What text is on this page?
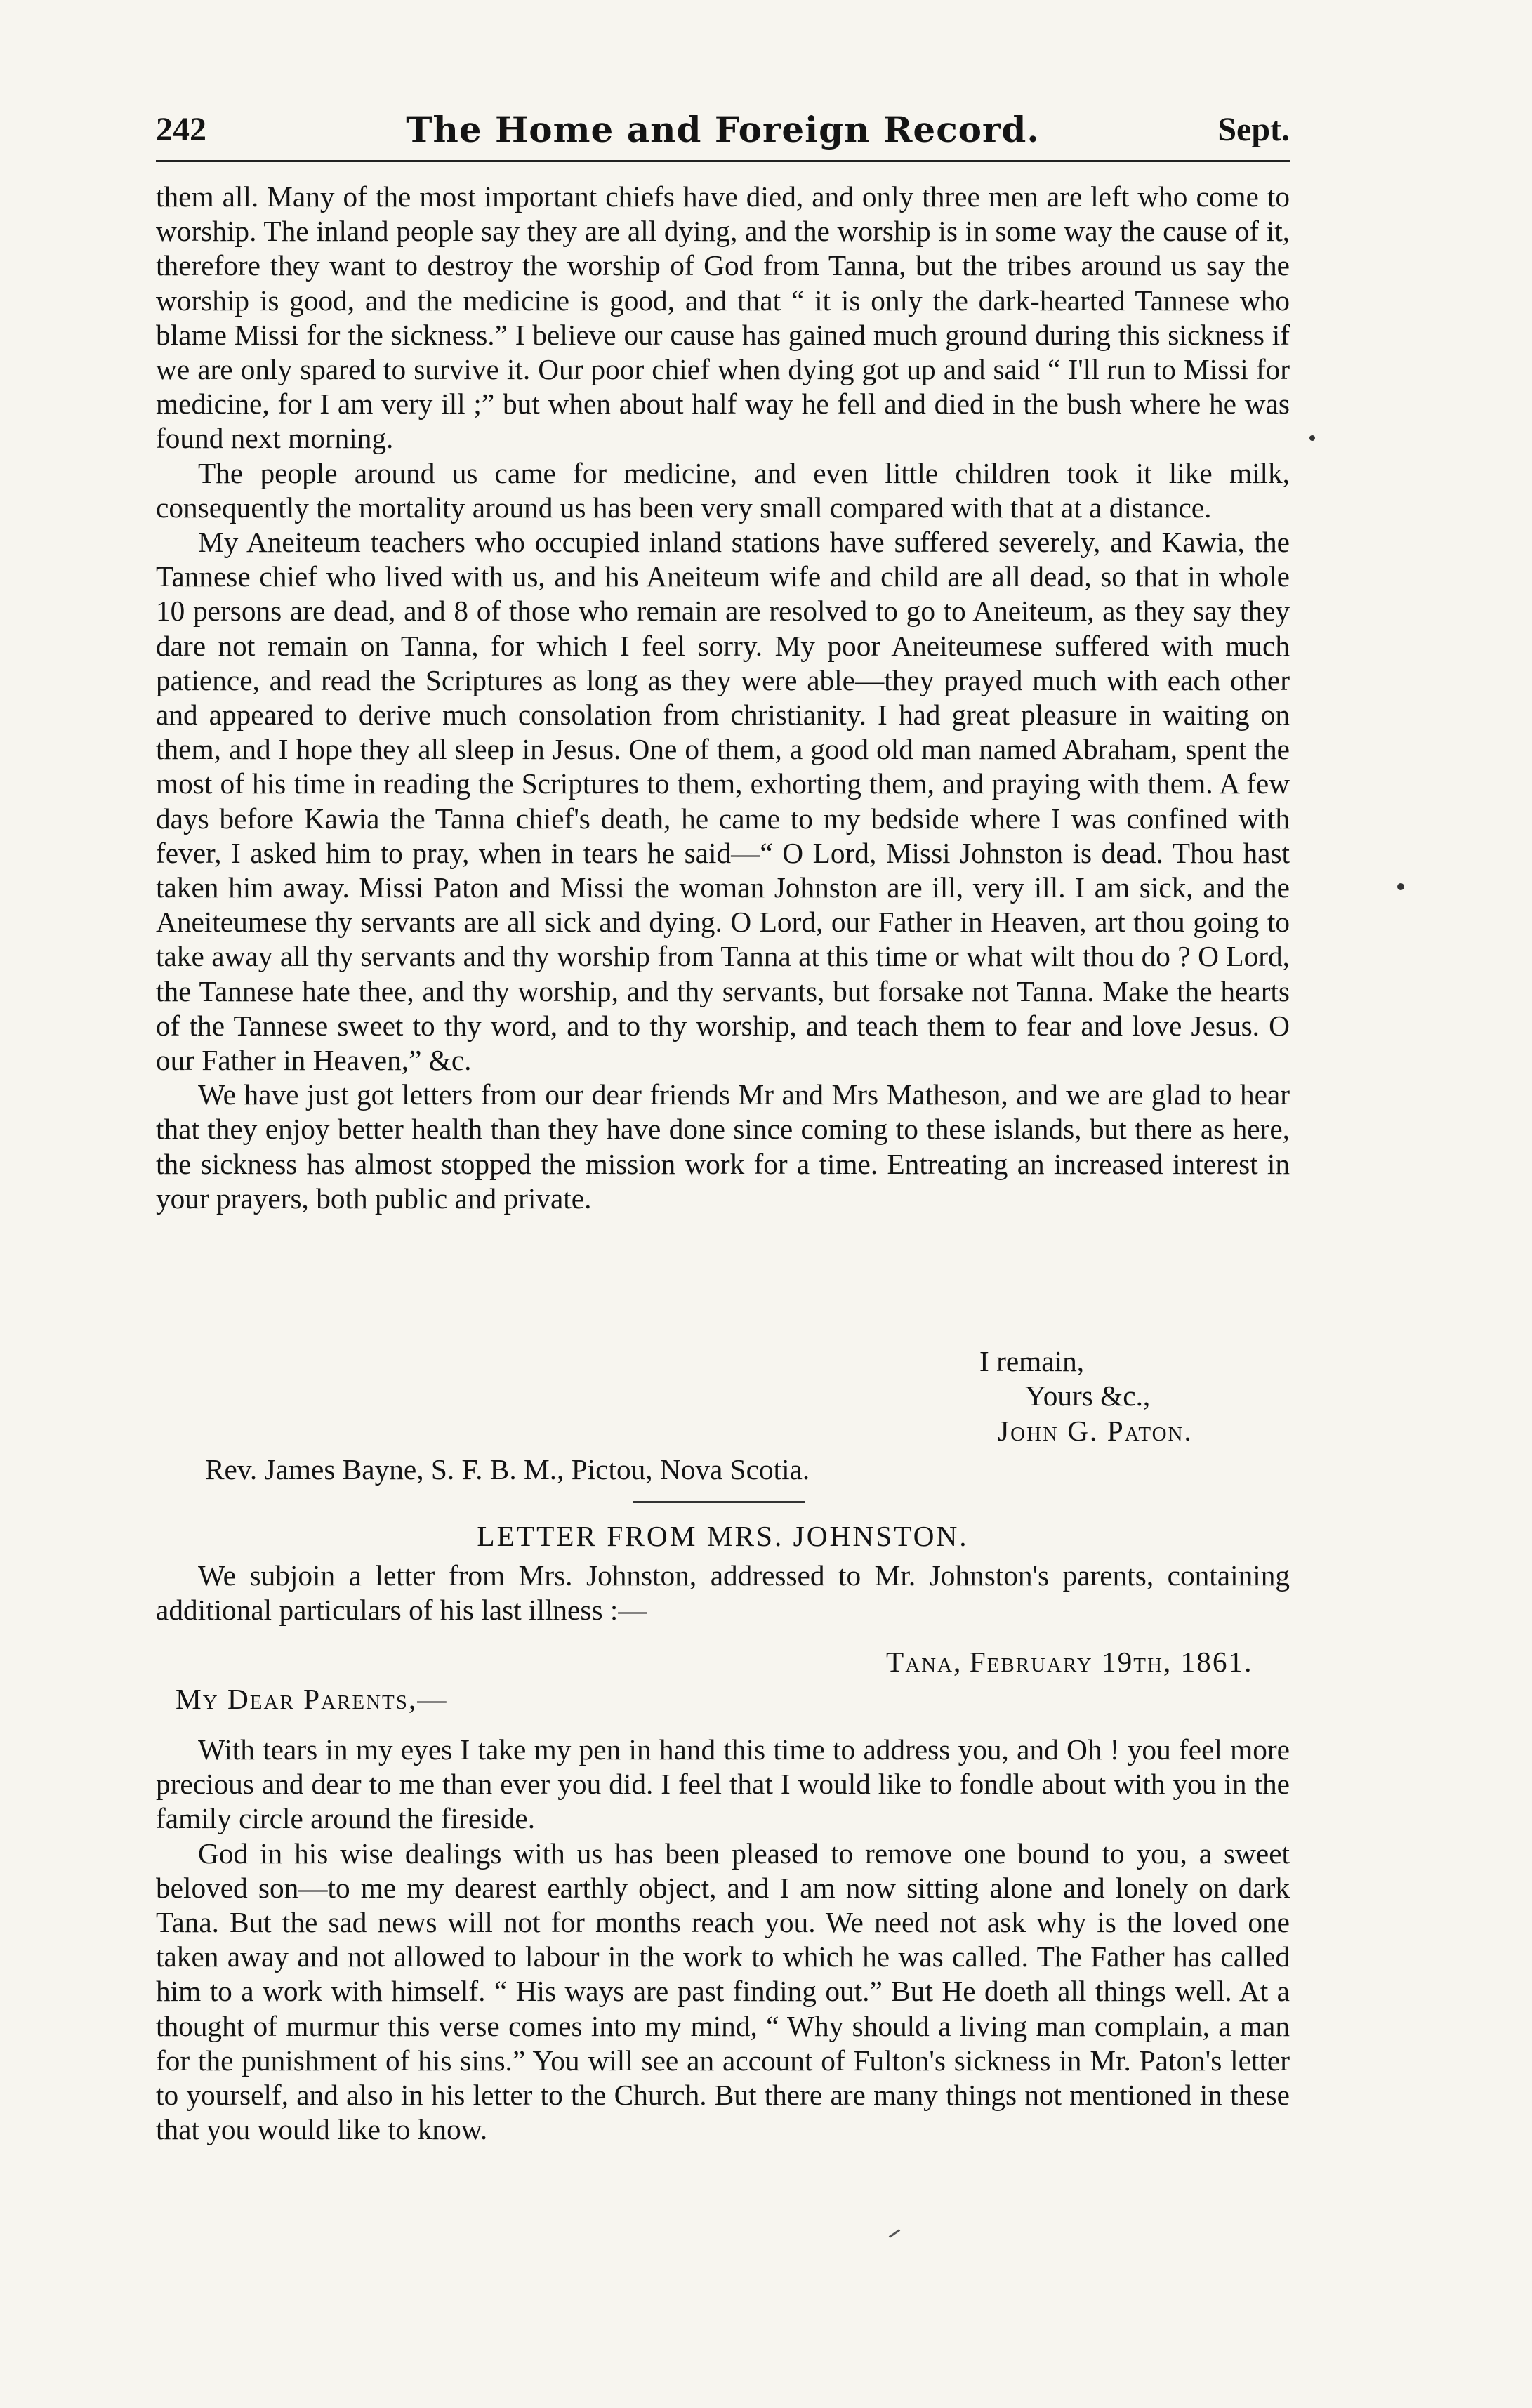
242	The Home and Foreign Record.	Sept.

them all. Many of the most important chiefs have died, and only three men are left who come to worship. The inland people say they are all dying, and the worship is in some way the cause of it, therefore they want to destroy the worship of God from Tanna, but the tribes around us say the worship is good, and the medicine is good, and that “ it is only the dark-hearted Tannese who blame Missi for the sickness.” I believe our cause has gained much ground during this sickness if we are only spared to survive it. Our poor chief when dying got up and said “ I'll run to Missi for medicine, for I am very ill ;” but when about half way he fell and died in the bush where he was found next morning.

The people around us came for medicine, and even little children took it like milk, consequently the mortality around us has been very small compared with that at a distance.

My Aneiteum teachers who occupied inland stations have suffered severely, and Kawia, the Tannese chief who lived with us, and his Aneiteum wife and child are all dead, so that in whole 10 persons are dead, and 8 of those who remain are resolved to go to Aneiteum, as they say they dare not remain on Tanna, for which I feel sorry. My poor Aneiteumese suffered with much patience, and read the Scriptures as long as they were able—they prayed much with each other and appeared to derive much consolation from christianity. I had great pleasure in waiting on them, and I hope they all sleep in Jesus. One of them, a good old man named Abraham, spent the most of his time in reading the Scriptures to them, exhorting them, and praying with them. A few days before Kawia the Tanna chief's death, he came to my bedside where I was confined with fever, I asked him to pray, when in tears he said—“ O Lord, Missi Johnston is dead. Thou hast taken him away. Missi Paton and Missi the woman Johnston are ill, very ill. I am sick, and the Aneiteumese thy servants are all sick and dying. O Lord, our Father in Heaven, art thou going to take away all thy servants and thy worship from Tanna at this time or what wilt thou do ? O Lord, the Tannese hate thee, and thy worship, and thy servants, but forsake not Tanna. Make the hearts of the Tannese sweet to thy word, and to thy worship, and teach them to fear and love Jesus. O our Father in Heaven,” &c.

We have just got letters from our dear friends Mr and Mrs Matheson, and we are glad to hear that they enjoy better health than they have done since coming to these islands, but there as here, the sickness has almost stopped the mission work for a time. Entreating an increased interest in your prayers, both public and private.

I remain,
Yours &c.,
John G. Paton.
Rev. James Bayne, S. F. B. M., Pictou, Nova Scotia.
LETTER FROM MRS. JOHNSTON.

We subjoin a letter from Mrs. Johnston, addressed to Mr. Johnston's parents, containing additional particulars of his last illness :—

Tana, February 19th, 1861.
My Dear Parents,—

With tears in my eyes I take my pen in hand this time to address you, and Oh ! you feel more precious and dear to me than ever you did. I feel that I would like to fondle about with you in the family circle around the fireside.

God in his wise dealings with us has been pleased to remove one bound to you, a sweet beloved son—to me my dearest earthly object, and I am now sitting alone and lonely on dark Tana. But the sad news will not for months reach you. We need not ask why is the loved one taken away and not allowed to labour in the work to which he was called. The Father has called him to a work with himself. “ His ways are past finding out.” But He doeth all things well. At a thought of murmur this verse comes into my mind, “ Why should a living man complain, a man for the punishment of his sins.” You will see an account of Fulton's sickness in Mr. Paton's letter to yourself, and also in his letter to the Church. But there are many things not mentioned in these that you would like to know.
